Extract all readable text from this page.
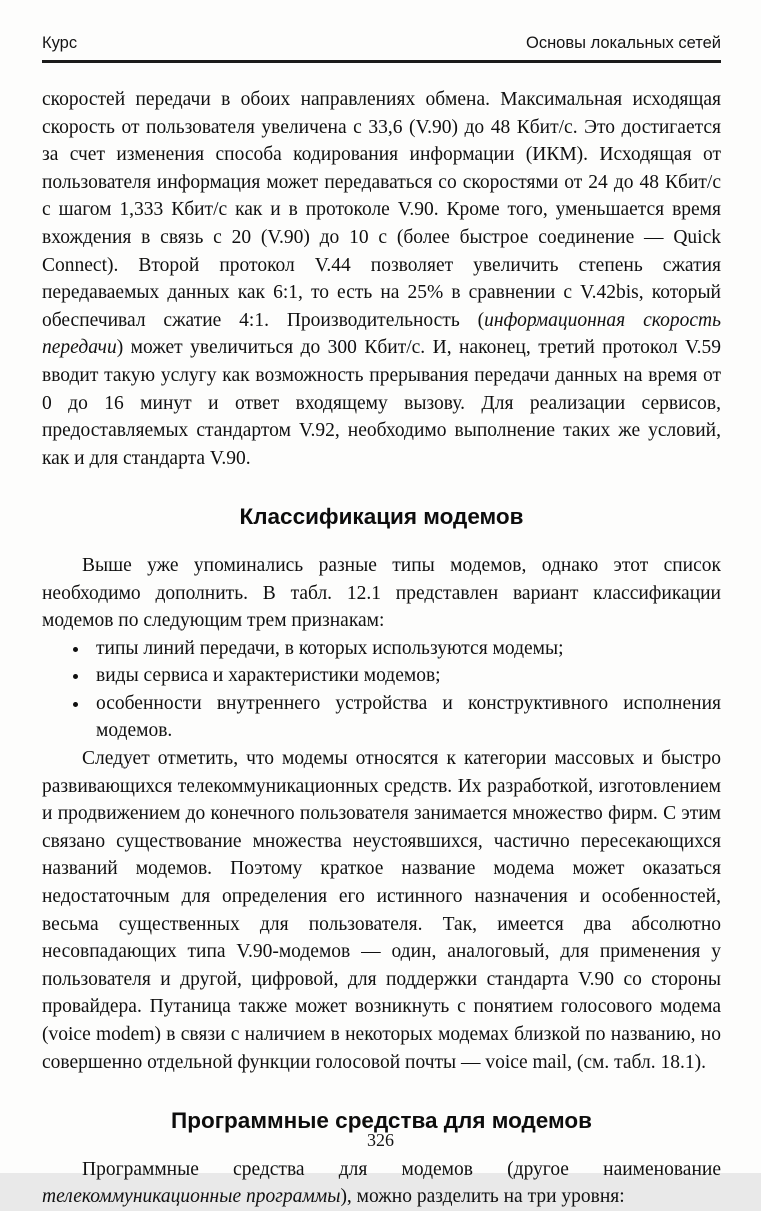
Курс	Основы локальных сетей

скоростей передачи в обоих направлениях обмена. Максимальная исходящая скорость от пользователя увеличена с 33,6 (V.90) до 48 Кбит/с. Это достигается за счет изменения способа кодирования информации (ИКМ). Исходящая от пользователя информация может передаваться со скоростями от 24 до 48 Кбит/с с шагом 1,333 Кбит/с как и в протоколе V.90. Кроме того, уменьшается время вхождения в связь с 20 (V.90) до 10 с (более быстрое соединение — Quick Connect). Второй протокол V.44 позволяет увеличить степень сжатия передаваемых данных как 6:1, то есть на 25% в сравнении с V.42bis, который обеспечивал сжатие 4:1. Производительность (информационная скорость передачи) может увеличиться до 300 Кбит/с. И, наконец, третий протокол V.59 вводит такую услугу как возможность прерывания передачи данных на время от 0 до 16 минут и ответ входящему вызову. Для реализации сервисов, предоставляемых стандартом V.92, необходимо выполнение таких же условий, как и для стандарта V.90.

Классификация модемов

Выше уже упоминались разные типы модемов, однако этот список необходимо дополнить. В табл. 12.1 представлен вариант классификации модемов по следующим трем признакам:

• типы линий передачи, в которых используются модемы;
• виды сервиса и характеристики модемов;
• особенности внутреннего устройства и конструктивного исполнения модемов.

Следует отметить, что модемы относятся к категории массовых и быстро развивающихся телекоммуникационных средств. Их разработкой, изготовлением и продвижением до конечного пользователя занимается множество фирм. С этим связано существование множества неустоявшихся, частично пересекающихся названий модемов. Поэтому краткое название модема может оказаться недостаточным для определения его истинного назначения и особенностей, весьма существенных для пользователя. Так, имеется два абсолютно несовпадающих типа V.90-модемов — один, аналоговый, для применения у пользователя и другой, цифровой, для поддержки стандарта V.90 со стороны провайдера. Путаница также может возникнуть с понятием голосового модема (voice modem) в связи с наличием в некоторых модемах близкой по названию, но совершенно отдельной функции голосовой почты — voice mail, (см. табл. 18.1).

Программные средства для модемов

Программные средства для модемов (другое наименование телекоммуникационные программы), можно разделить на три уровня:

326
